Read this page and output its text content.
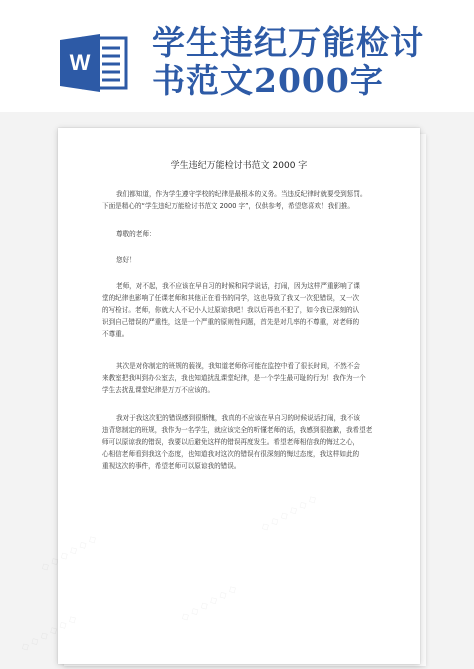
W
学生违纪万能检讨
书范文2000字
学生违纪万能检讨书范文 2000 字
我们都知道，作为学生遵守学校的纪律是最根本的义务。当违反纪律时就要受到惩罚。
下面是精心的“学生违纪万能检讨书范文 2000 字”，仅供参考，希望您喜欢！我们推。
尊敬的老师：
您好！
老师，对不起，我不应该在早自习的时候和同学说话，打闹，因为这样严重影响了课
堂的纪律也影响了任课老师和其他正在看书的同学，这也导致了我又一次犯错误，又一次
的写检讨。老师，你就大人不记小人过原谅我吧！我以后再也不犯了，如今我已深刻的认
识到自己错误的严重性，这是一个严重的原则性问题，首先是对几率的不尊重，对老师的
不尊重。
其次是对你制定的班规的藐视，我知道老师你可能在监控中看了很长时间，不然不会
来教室把我叫到办公室去，我也知道扰乱课堂纪律，是一个学生最可耻的行为！我作为一个
学生去扰乱课堂纪律是万万不应该的。
我对于我这次犯的错误感到很惭愧，我真的不应该在早自习的时候说话打闹，我不该
违背您制定的班规，我作为一名学生，就应该完全的听懂老师的话，我感到很抱歉，我希望老
师可以原谅我的错误，我要以后避免这样的错误再度发生。希望老师相信我的悔过之心，
心相信老师看到我这个态度，也知道我对这次的错误有很深刻的悔过态度，我这样如此的
重视这次的事件，希望老师可以原谅我的错误。
◇ ◇ ◇ ◇ ◇ ◇
◇ ◇ ◇ ◇ ◇ ◇
◇ ◇ ◇ ◇ ◇ ◇
